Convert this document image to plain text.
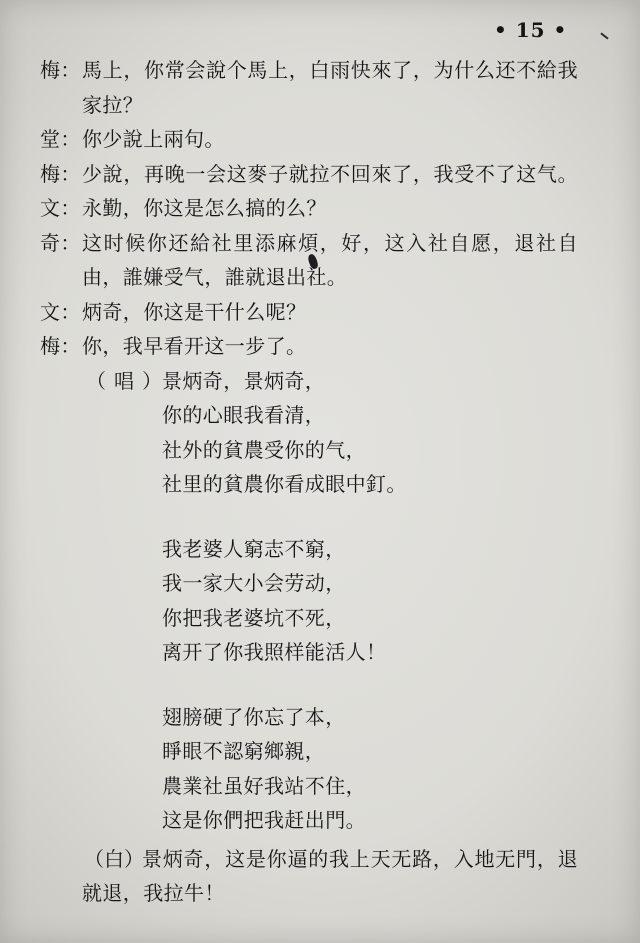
• 15 •
梅：馬上，你常会說个馬上，白雨快來了，为什么还不給我
家拉？
堂：你少說上兩句。
梅：少說，再晚一会这麥子就拉不回來了，我受不了这气。
文：永勤，你这是怎么搞的么？
奇：这时候你还給社里添麻煩，好，这入社自愿，退社自
由，誰嫌受气，誰就退出社。
文：炳奇，你这是干什么呢？
梅：你，我早看开这一步了。
（唱）景炳奇，景炳奇，
你的心眼我看清，
社外的貧農受你的气，
社里的貧農你看成眼中釘。
我老婆人窮志不窮，
我一家大小会劳动，
你把我老婆坑不死，
离开了你我照样能活人！
翅膀硬了你忘了本，
睜眼不認窮鄉親，
農業社虽好我站不住，
这是你們把我赶出門。
（白）景炳奇，这是你逼的我上天无路，入地无門，退
就退，我拉牛！
